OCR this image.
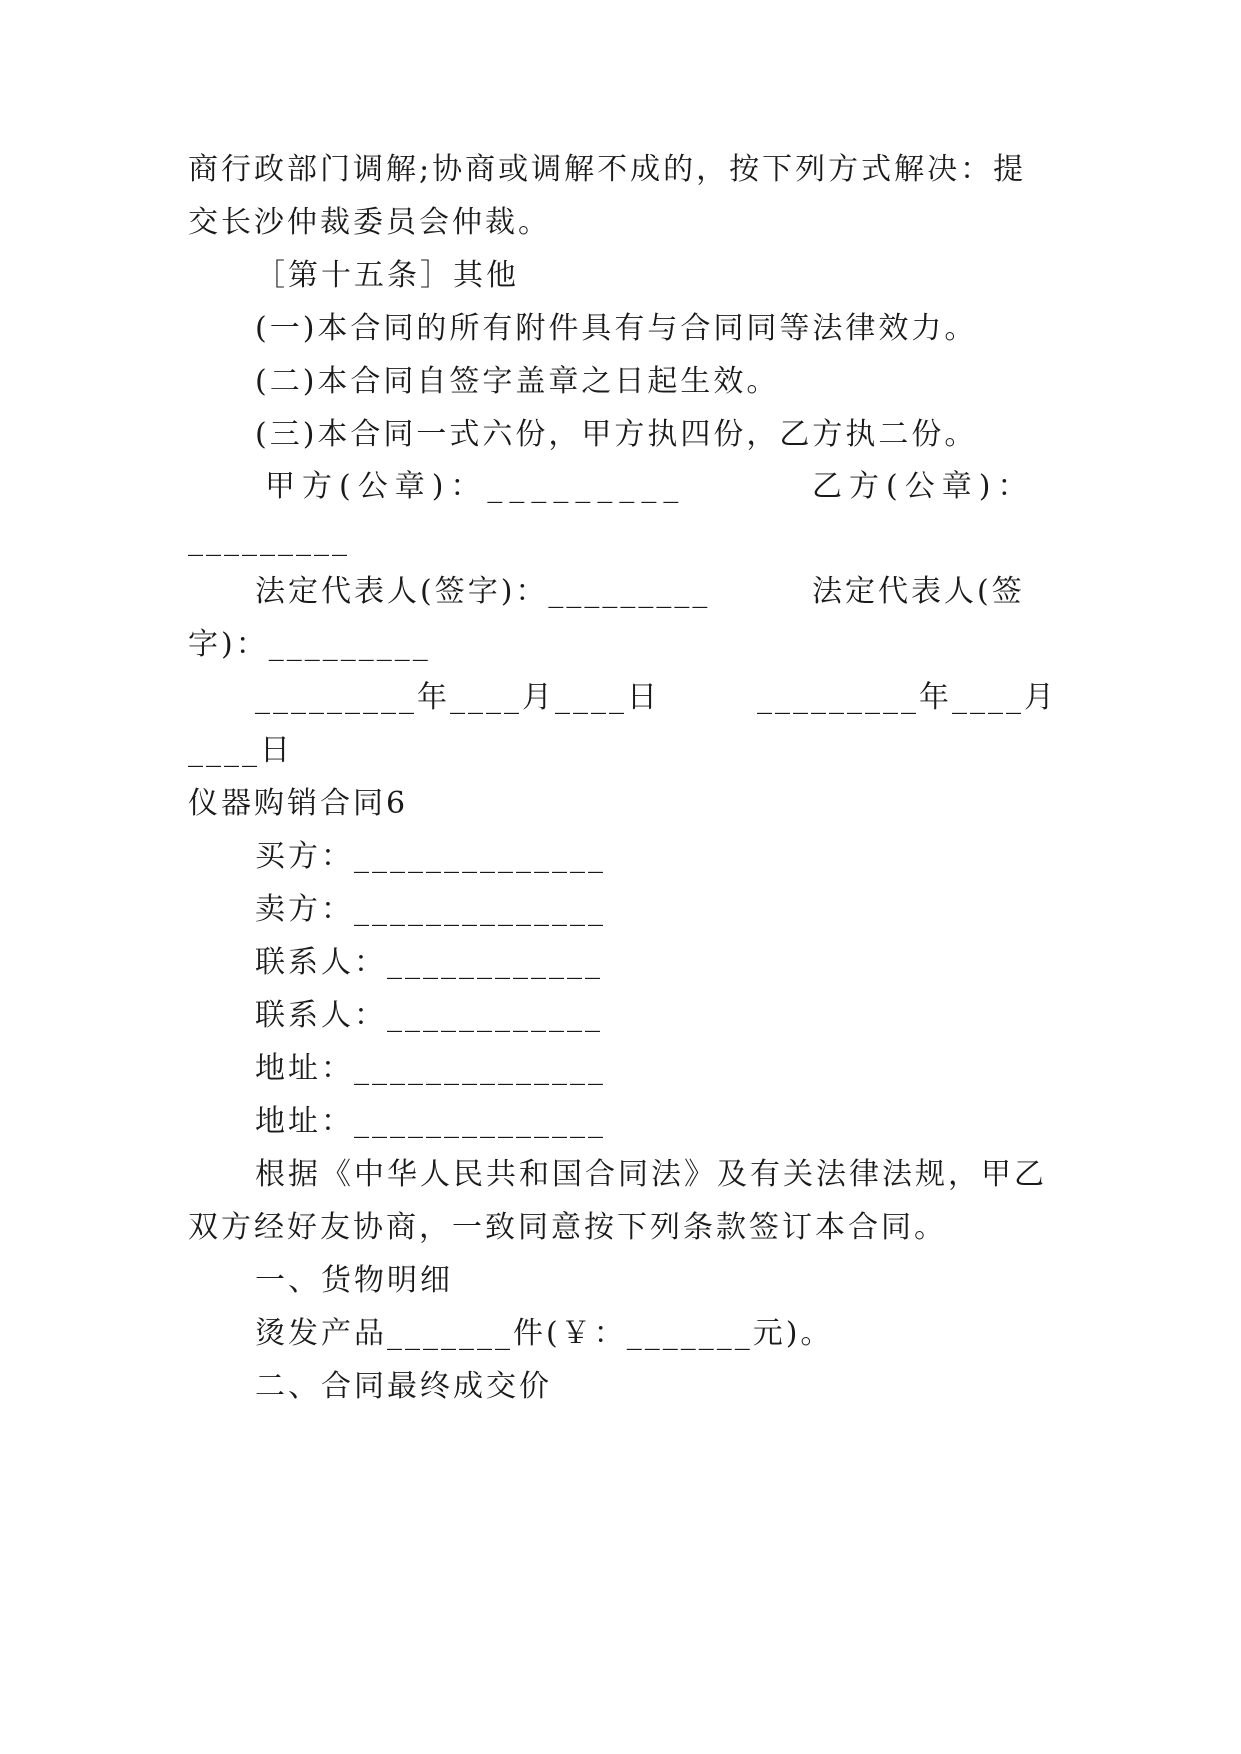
商行政部门调解;协商或调解不成的，按下列方式解决：提
交长沙仲裁委员会仲裁。
［第十五条］其他
(一)本合同的所有附件具有与合同同等法律效力。
(二)本合同自签字盖章之日起生效。
(三)本合同一式六份，甲方执四份，乙方执二份。
甲方(公章)：_________	乙方(公章)：
_________
法定代表人(签字)：_________	法定代表人(签
字)：_________
_________年____月____日	_________年____月
____日
仪器购销合同6
买方：______________
卖方：______________
联系人：____________
联系人：____________
地址：______________
地址：______________
根据《中华人民共和国合同法》及有关法律法规，甲乙
双方经好友协商，一致同意按下列条款签订本合同。
一、货物明细
烫发产品_______件(￥：_______元)。
二、合同最终成交价
